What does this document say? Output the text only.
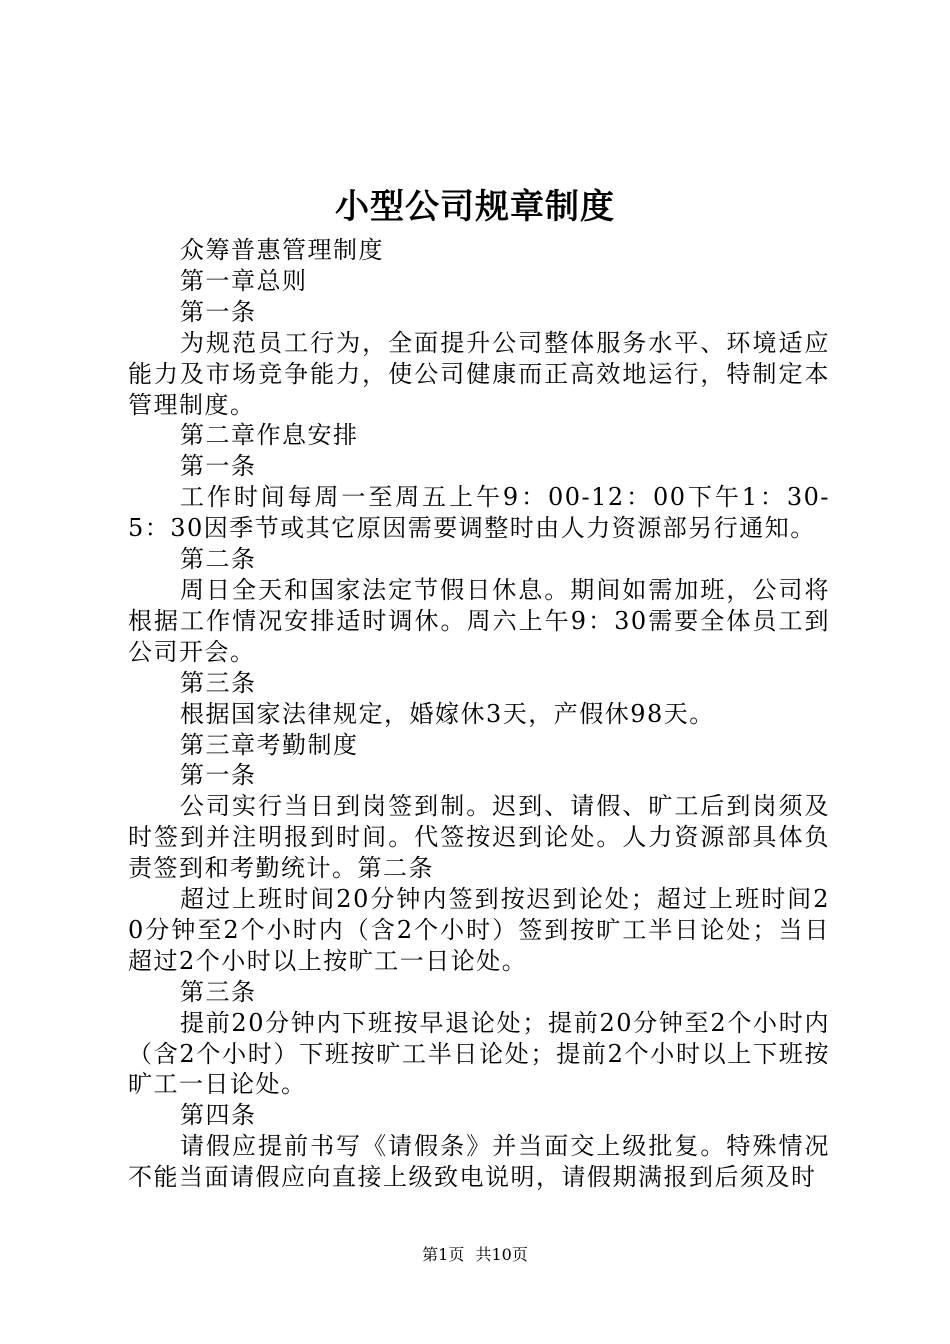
小型公司规章制度

众筹普惠管理制度

第一章总则

第一条

为规范员工行为，全面提升公司整体服务水平、环境适应能力及市场竞争能力，使公司健康而正高效地运行，特制定本管理制度。

第二章作息安排

第一条

工作时间每周一至周五上午9：00-12：00下午1：30-5：30因季节或其它原因需要调整时由人力资源部另行通知。

第二条

周日全天和国家法定节假日休息。期间如需加班，公司将根据工作情况安排适时调休。周六上午9：30需要全体员工到公司开会。

第三条

根据国家法律规定，婚嫁休3天，产假休98天。

第三章考勤制度

第一条

公司实行当日到岗签到制。迟到、请假、旷工后到岗须及时签到并注明报到时间。代签按迟到论处。人力资源部具体负责签到和考勤统计。第二条

超过上班时间20分钟内签到按迟到论处；超过上班时间20分钟至2个小时内（含2个小时）签到按旷工半日论处；当日超过2个小时以上按旷工一日论处。

第三条

提前20分钟内下班按早退论处；提前20分钟至2个小时内（含2个小时）下班按旷工半日论处；提前2个小时以上下班按旷工一日论处。

第四条

请假应提前书写《请假条》并当面交上级批复。特殊情况不能当面请假应向直接上级致电说明，请假期满报到后须及时

第1页 共10页
